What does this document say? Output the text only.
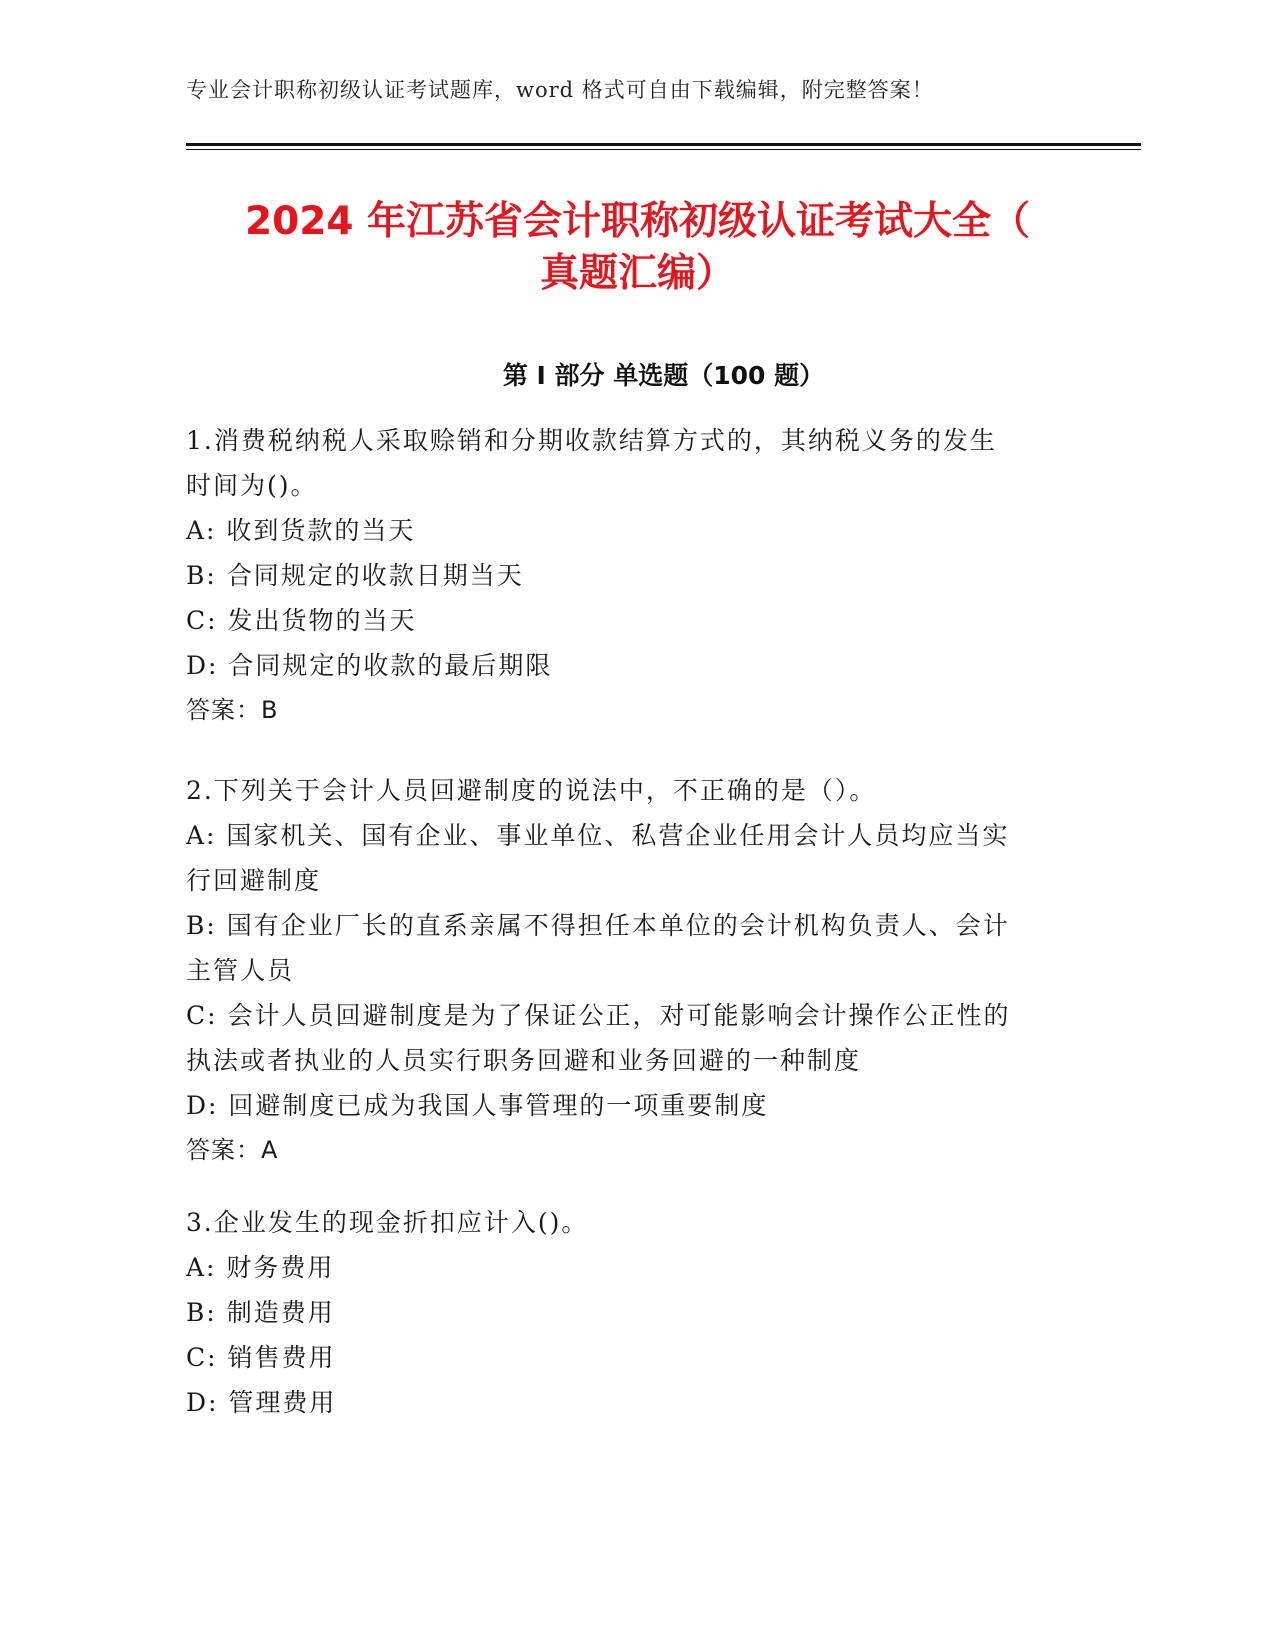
专业会计职称初级认证考试题库，word 格式可自由下载编辑，附完整答案！
2024 年江苏省会计职称初级认证考试大全（
真题汇编）
第 I 部分 单选题（100 题）
1.消费税纳税人采取赊销和分期收款结算方式的，其纳税义务的发生
时间为()。
A: 收到货款的当天
B: 合同规定的收款日期当天
C: 发出货物的当天
D: 合同规定的收款的最后期限
答案：B
2.下列关于会计人员回避制度的说法中，不正确的是（）。
A: 国家机关、国有企业、事业单位、私营企业任用会计人员均应当实
行回避制度
B: 国有企业厂长的直系亲属不得担任本单位的会计机构负责人、会计
主管人员
C: 会计人员回避制度是为了保证公正，对可能影响会计操作公正性的
执法或者执业的人员实行职务回避和业务回避的一种制度
D: 回避制度已成为我国人事管理的一项重要制度
答案：A
3.企业发生的现金折扣应计入()。
A: 财务费用
B: 制造费用
C: 销售费用
D: 管理费用
